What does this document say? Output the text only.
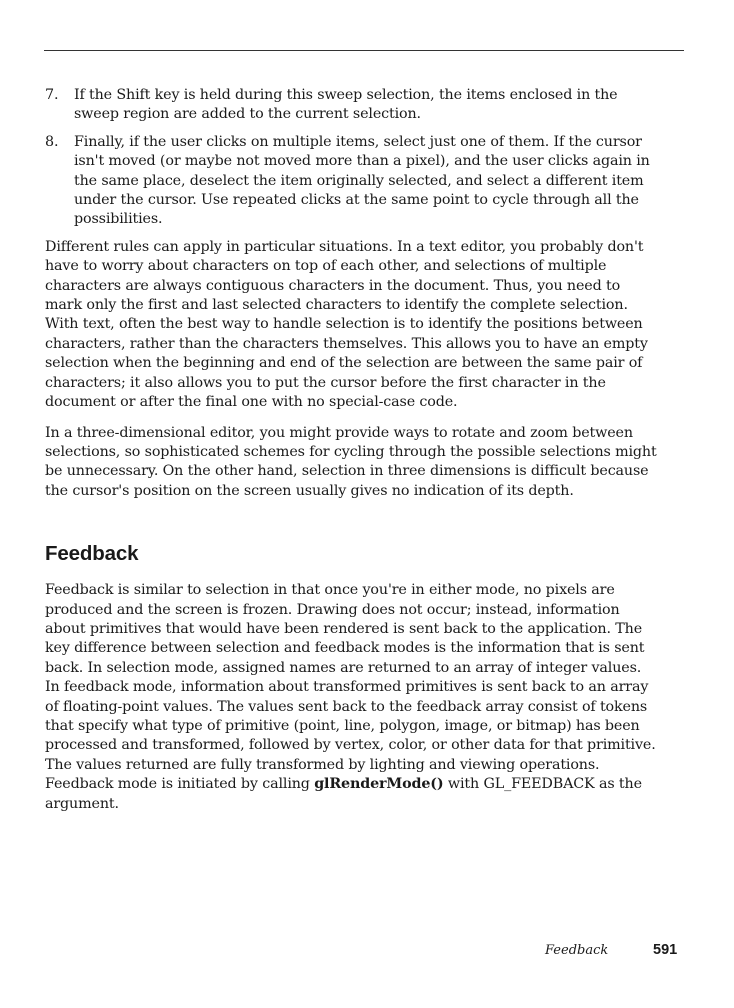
7. If the Shift key is held during this sweep selection, the items enclosed in the sweep region are added to the current selection.
8. Finally, if the user clicks on multiple items, select just one of them. If the cursor isn't moved (or maybe not moved more than a pixel), and the user clicks again in the same place, deselect the item originally selected, and select a different item under the cursor. Use repeated clicks at the same point to cycle through all the possibilities.

Different rules can apply in particular situations. In a text editor, you probably don't have to worry about characters on top of each other, and selections of multiple characters are always contiguous characters in the document. Thus, you need to mark only the first and last selected characters to identify the complete selection. With text, often the best way to handle selection is to identify the positions between characters, rather than the characters themselves. This allows you to have an empty selection when the beginning and end of the selection are between the same pair of characters; it also allows you to put the cursor before the first character in the document or after the final one with no special-case code.

In a three-dimensional editor, you might provide ways to rotate and zoom between selections, so sophisticated schemes for cycling through the possible selections might be unnecessary. On the other hand, selection in three dimensions is difficult because the cursor's position on the screen usually gives no indication of its depth.

Feedback

Feedback is similar to selection in that once you're in either mode, no pixels are produced and the screen is frozen. Drawing does not occur; instead, information about primitives that would have been rendered is sent back to the application. The key difference between selection and feedback modes is the information that is sent back. In selection mode, assigned names are returned to an array of integer values. In feedback mode, information about transformed primitives is sent back to an array of floating-point values. The values sent back to the feedback array consist of tokens that specify what type of primitive (point, line, polygon, image, or bitmap) has been processed and transformed, followed by vertex, color, or other data for that primitive. The values returned are fully transformed by lighting and viewing operations. Feedback mode is initiated by calling glRenderMode() with GL_FEEDBACK as the argument.

Feedback	591
